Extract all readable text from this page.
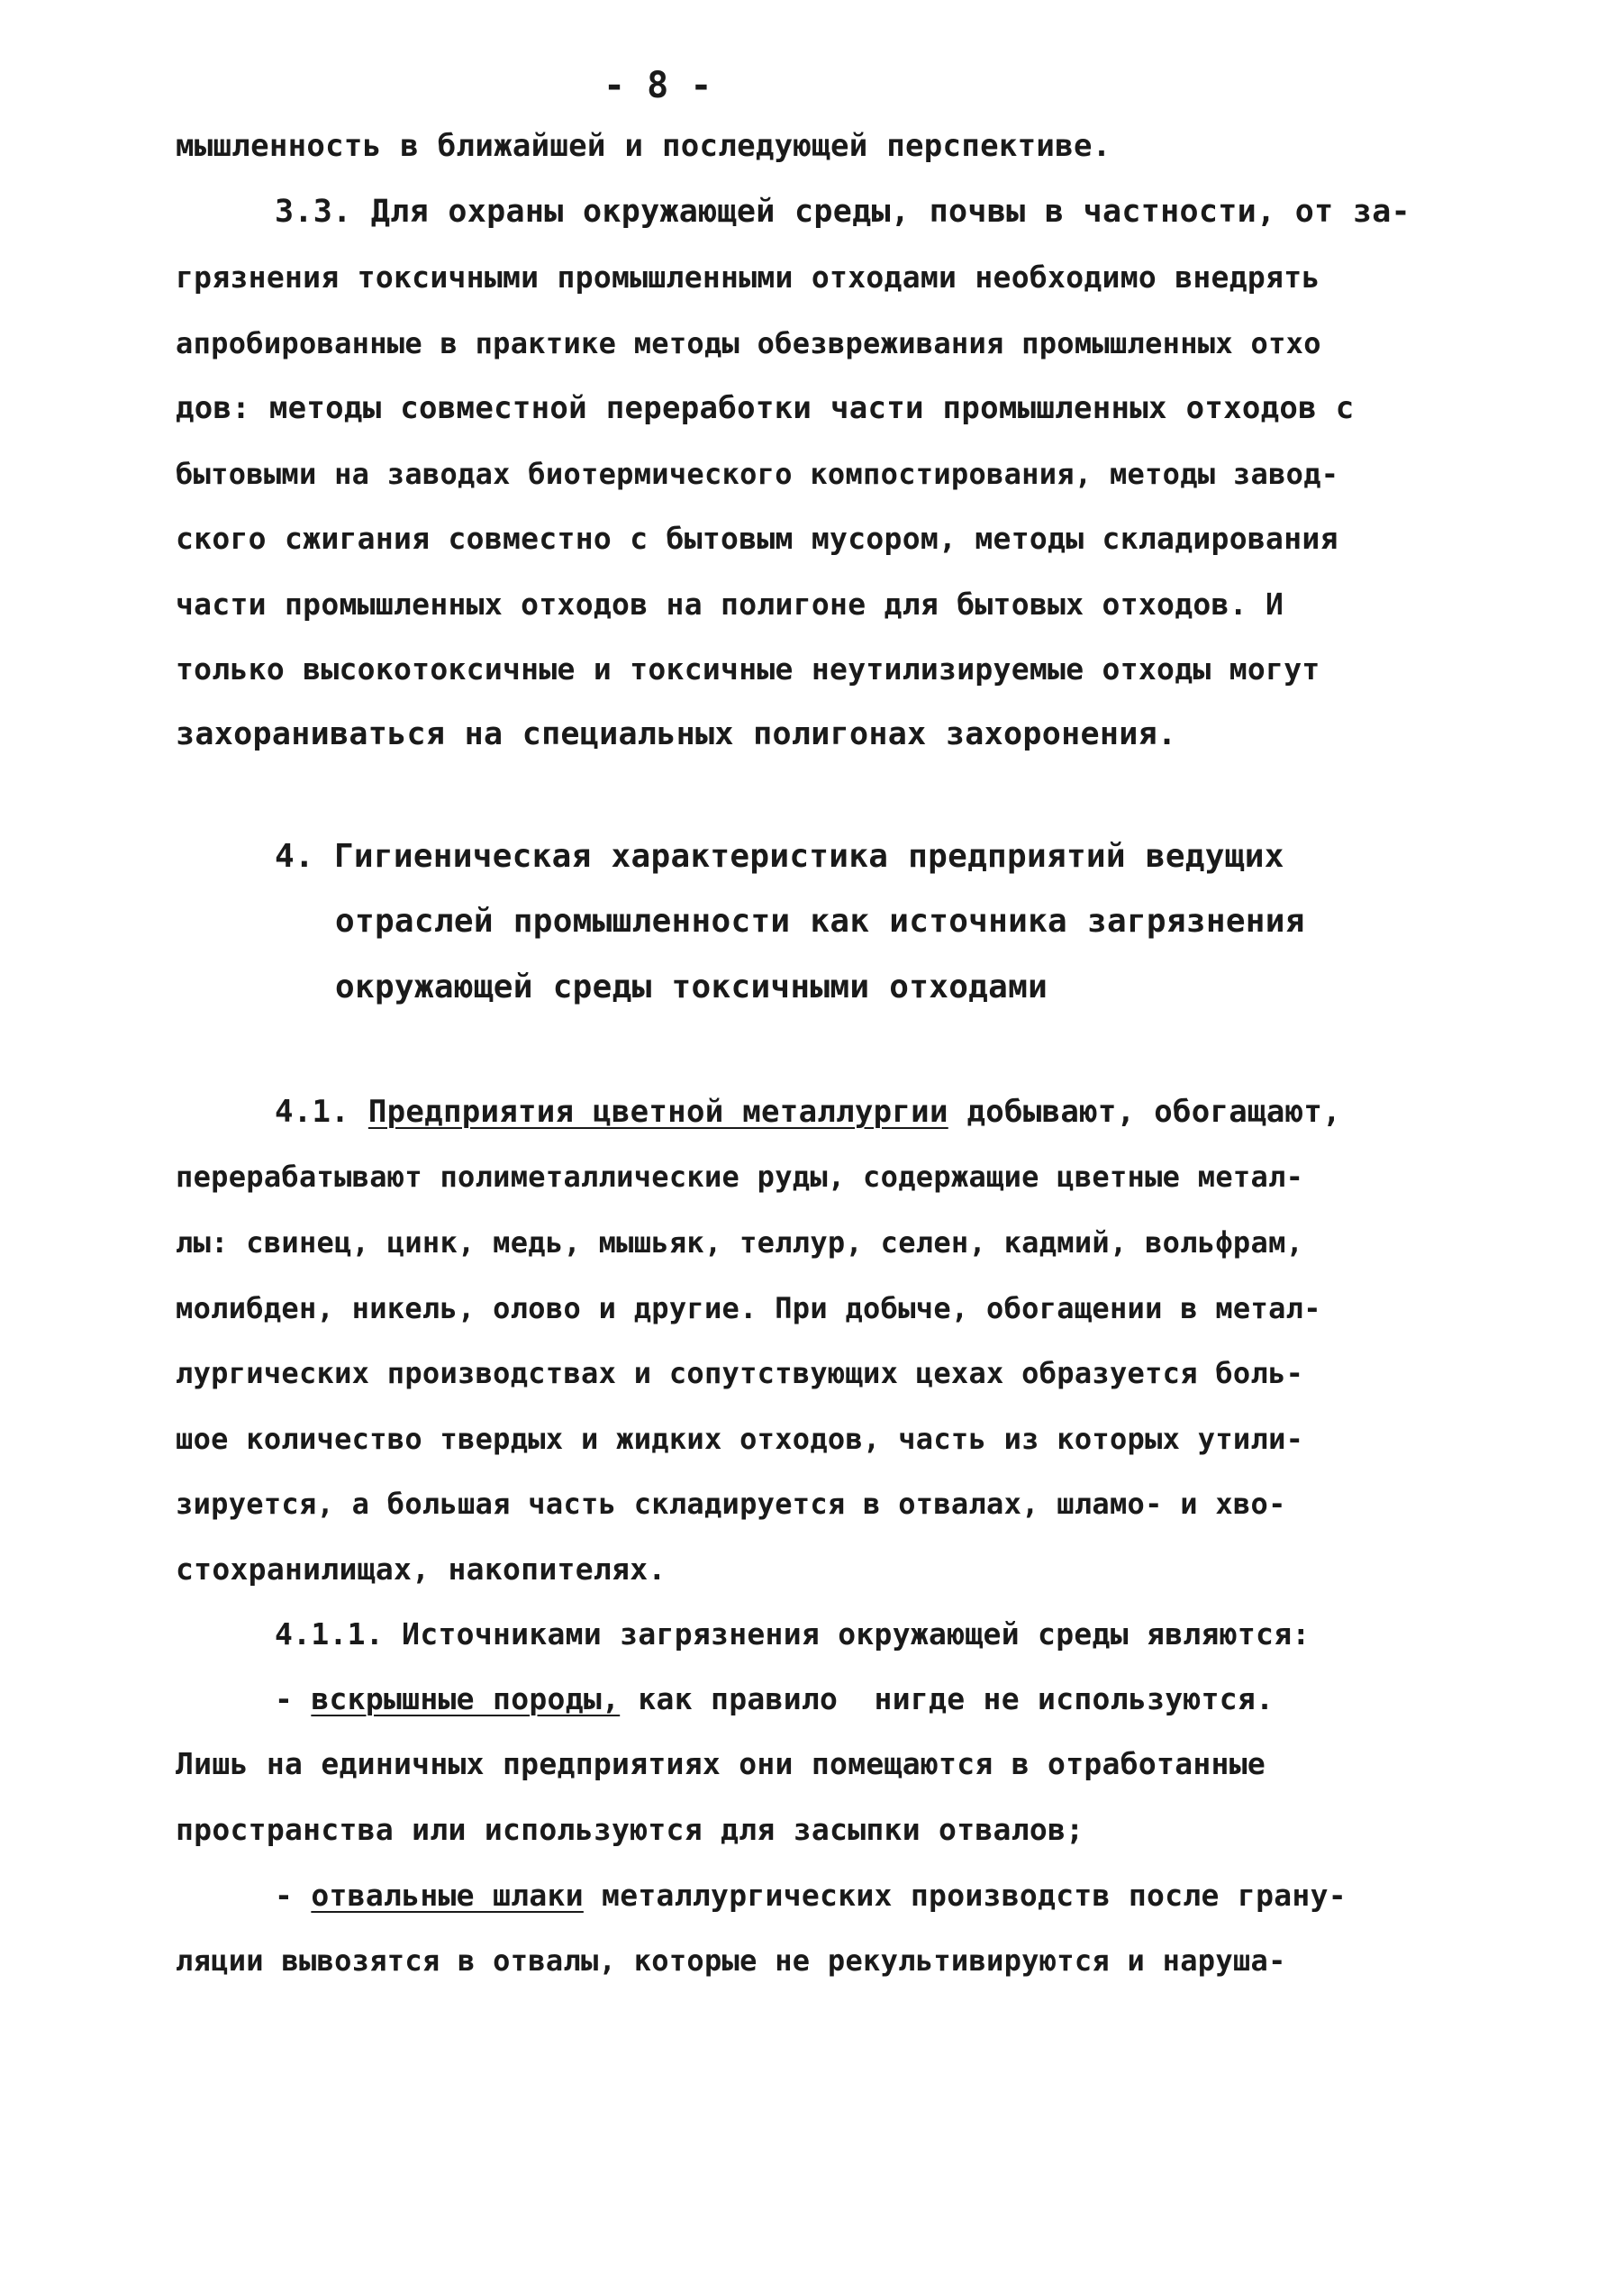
- 8 -
мышленность в ближайшей и последующей перспективе.
3.3. Для охраны окружающей среды, почвы в частности, от за-
грязнения токсичными промышленными отходами необходимо внедрять
апробированные в практике методы обезвреживания промышленных отхо
дов: методы совместной переработки части промышленных отходов с
бытовыми на заводах биотермического компостирования, методы завод-
ского сжигания совместно с бытовым мусором, методы складирования
части промышленных отходов на полигоне для бытовых отходов. И
только высокотоксичные и токсичные неутилизируемые отходы могут
захораниваться на специальных полигонах захоронения.
4. Гигиеническая характеристика предприятий ведущих
отраслей промышленности как источника загрязнения
окружающей среды токсичными отходами
4.1. Предприятия цветной металлургии добывают, обогащают,
перерабатывают полиметаллические руды, содержащие цветные метал-
лы: свинец, цинк, медь, мышьяк, теллур, селен, кадмий, вольфрам,
молибден, никель, олово и другие. При добыче, обогащении в метал-
лургических производствах и сопутствующих цехах образуется боль-
шое количество твердых и жидких отходов, часть из которых утили-
зируется, а большая часть складируется в отвалах, шламо- и хво-
стохранилищах, накопителях.
4.1.1. Источниками загрязнения окружающей среды являются:
- вскрышные породы, как правило  нигде не используются.
Лишь на единичных предприятиях они помещаются в отработанные
пространства или используются для засыпки отвалов;
- отвальные шлаки металлургических производств после грану-
ляции вывозятся в отвалы, которые не рекультивируются и наруша-
